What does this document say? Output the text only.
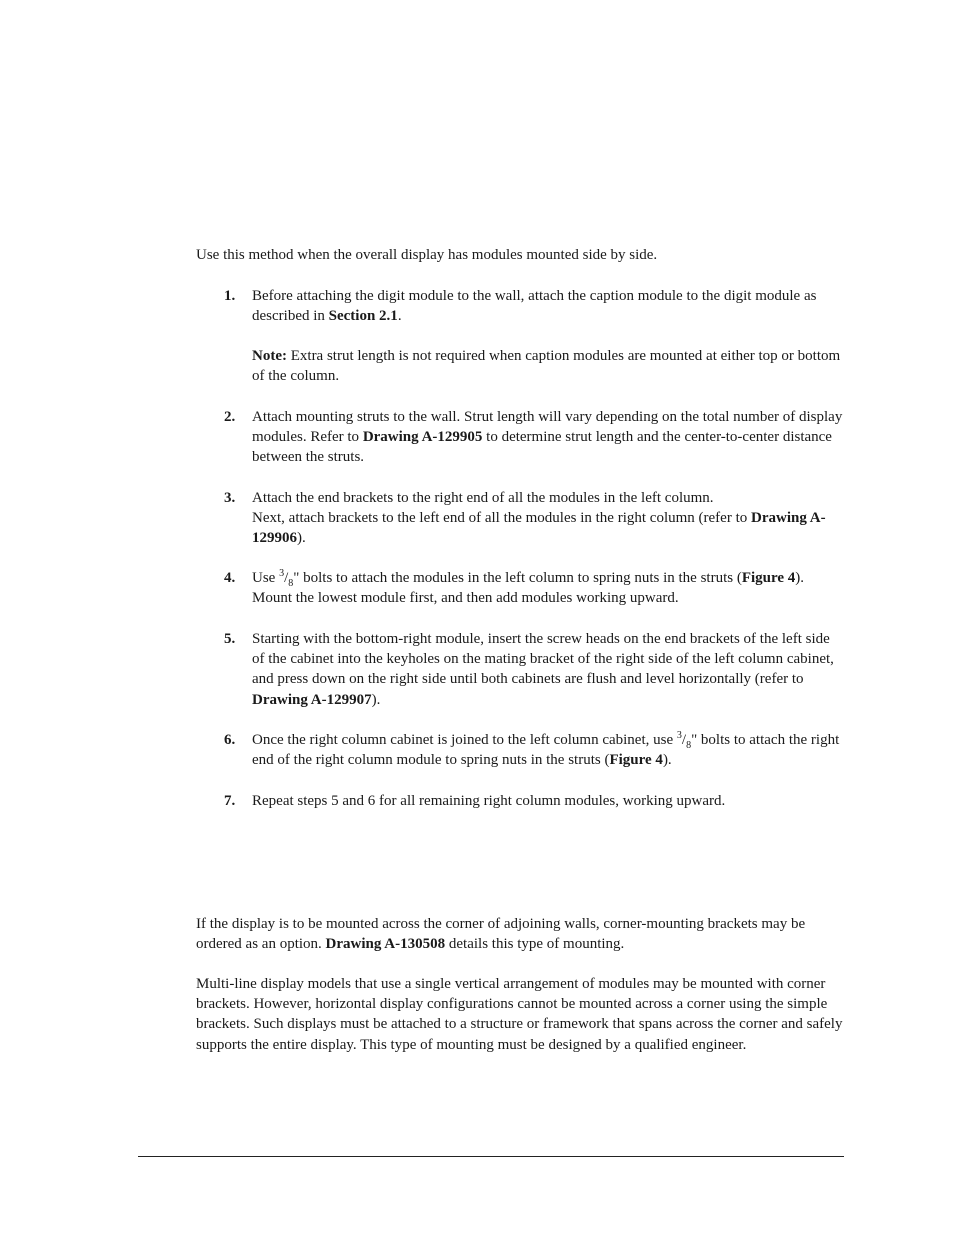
Use this method when the overall display has modules mounted side by side.

1. Before attaching the digit module to the wall, attach the caption module to the digit module as described in Section 2.1.
Note: Extra strut length is not required when caption modules are mounted at either top or bottom of the column.
2. Attach mounting struts to the wall. Strut length will vary depending on the total number of display modules. Refer to Drawing A-129905 to determine strut length and the center-to-center distance between the struts.
3. Attach the end brackets to the right end of all the modules in the left column.
Next, attach brackets to the left end of all the modules in the right column (refer to Drawing A-129906).
4. Use $^3/_8$" bolts to attach the modules in the left column to spring nuts in the struts (Figure 4). Mount the lowest module first, and then add modules working upward.
5. Starting with the bottom-right module, insert the screw heads on the end brackets of the left side of the cabinet into the keyholes on the mating bracket of the right side of the left column cabinet, and press down on the right side until both cabinets are flush and level horizontally (refer to Drawing A-129907).
6. Once the right column cabinet is joined to the left column cabinet, use $^3/_8$" bolts to attach the right end of the right column module to spring nuts in the struts (Figure 4).
7. Repeat steps 5 and 6 for all remaining right column modules, working upward.

If the display is to be mounted across the corner of adjoining walls, corner-mounting brackets may be ordered as an option. Drawing A-130508 details this type of mounting.

Multi-line display models that use a single vertical arrangement of modules may be mounted with corner brackets. However, horizontal display configurations cannot be mounted across a corner using the simple brackets. Such displays must be attached to a structure or framework that spans across the corner and safely supports the entire display. This type of mounting must be designed by a qualified engineer.
